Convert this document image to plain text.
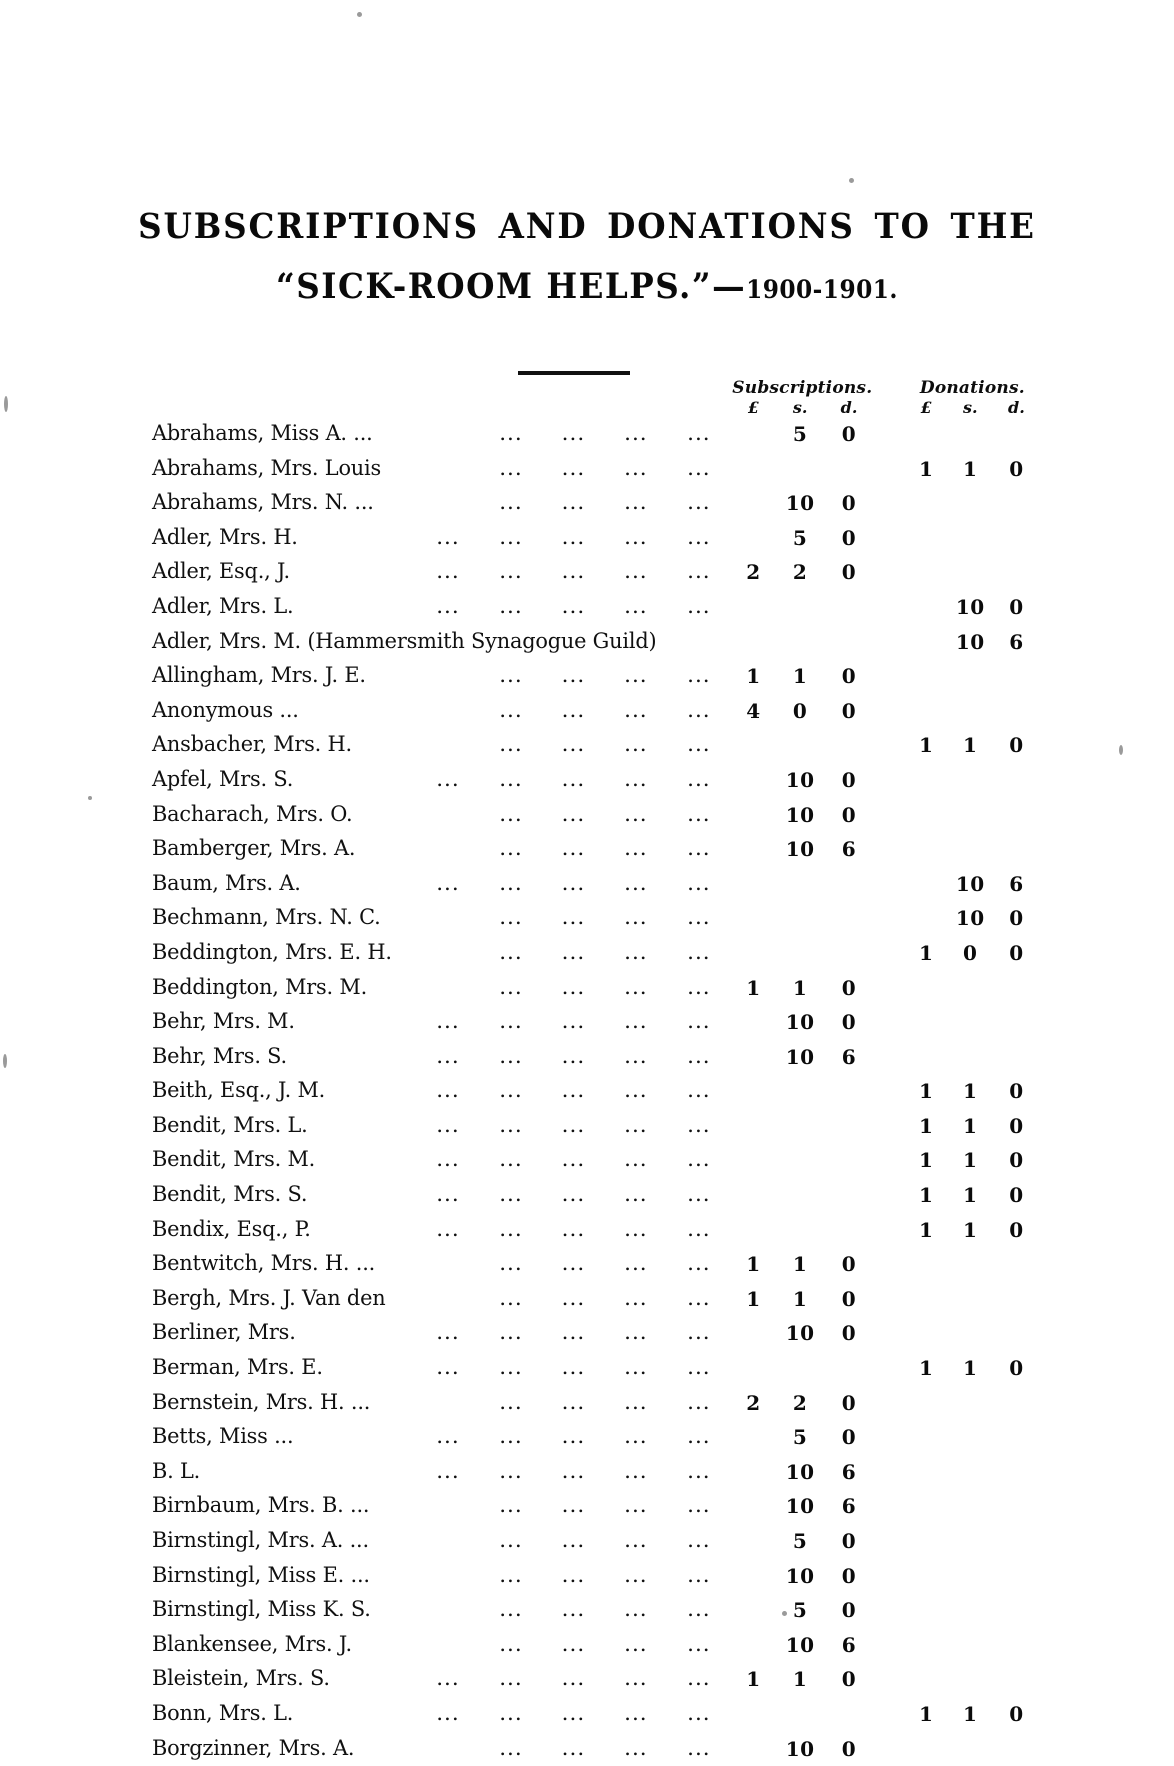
SUBSCRIPTIONS AND DONATIONS TO THE
“SICK-ROOM HELPS.”—1900-1901.
						Subscriptions.				Donations.		
						£	s.	d.		£	s.	d.
Abrahams, Miss A. ...		...	...	...	...		5	0				
Abrahams, Mrs. Louis		...	...	...	...					1	1	0
Abrahams, Mrs. N. ...		...	...	...	...		10	0				
Adler, Mrs. H.	...	...	...	...	...		5	0				
Adler, Esq., J.	...	...	...	...	...	2	2	0				
Adler, Mrs. L.	...	...	...	...	...						10	0
Adler, Mrs. M. (Hammersmith Synagogue Guild)											10	6
Allingham, Mrs. J. E.		...	...	...	...	1	1	0				
Anonymous ...		...	...	...	...	4	0	0				
Ansbacher, Mrs. H.		...	...	...	...					1	1	0
Apfel, Mrs. S.	...	...	...	...	...		10	0				
Bacharach, Mrs. O.		...	...	...	...		10	0				
Bamberger, Mrs. A.		...	...	...	...		10	6				
Baum, Mrs. A.	...	...	...	...	...						10	6
Bechmann, Mrs. N. C.		...	...	...	...						10	0
Beddington, Mrs. E. H.		...	...	...	...					1	0	0
Beddington, Mrs. M.		...	...	...	...	1	1	0				
Behr, Mrs. M.	...	...	...	...	...		10	0				
Behr, Mrs. S.	...	...	...	...	...		10	6				
Beith, Esq., J. M.	...	...	...	...	...					1	1	0
Bendit, Mrs. L.	...	...	...	...	...					1	1	0
Bendit, Mrs. M.	...	...	...	...	...					1	1	0
Bendit, Mrs. S.	...	...	...	...	...					1	1	0
Bendix, Esq., P.	...	...	...	...	...					1	1	0
Bentwitch, Mrs. H. ...		...	...	...	...	1	1	0				
Bergh, Mrs. J. Van den		...	...	...	...	1	1	0				
Berliner, Mrs.	...	...	...	...	...		10	0				
Berman, Mrs. E.	...	...	...	...	...					1	1	0
Bernstein, Mrs. H. ...		...	...	...	...	2	2	0				
Betts, Miss ...	...	...	...	...	...		5	0				
B. L.	...	...	...	...	...		10	6				
Birnbaum, Mrs. B. ...		...	...	...	...		10	6				
Birnstingl, Mrs. A. ...		...	...	...	...		5	0				
Birnstingl, Miss E. ...		...	...	...	...		10	0				
Birnstingl, Miss K. S.		...	...	...	...		5	0				
Blankensee, Mrs. J.		...	...	...	...		10	6				
Bleistein, Mrs. S.	...	...	...	...	...	1	1	0				
Bonn, Mrs. L.	...	...	...	...	...					1	1	0
Borgzinner, Mrs. A.		...	...	...	...		10	0				
